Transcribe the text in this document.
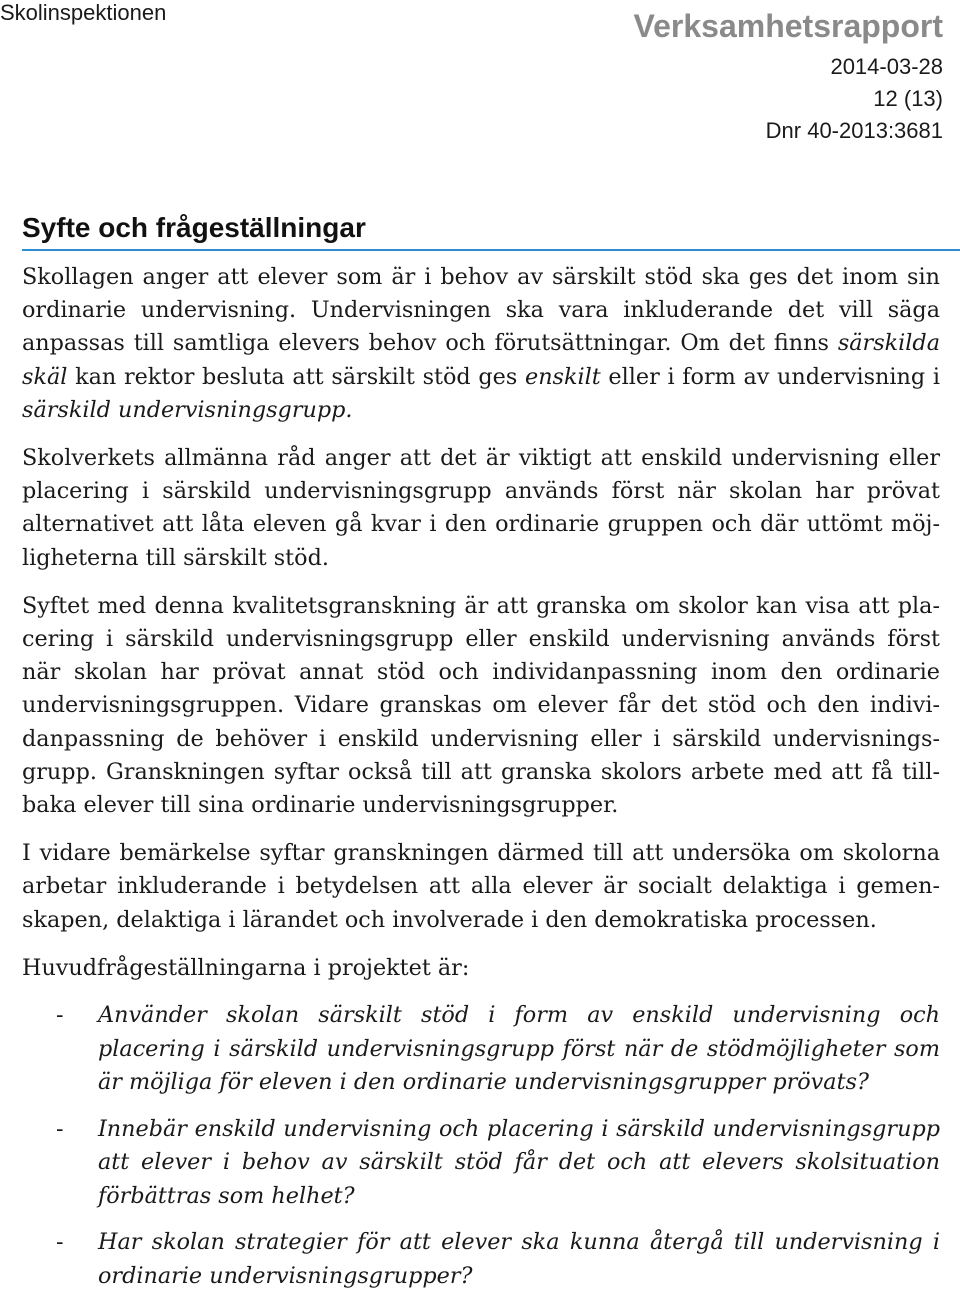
Skolinspektionen	Verksamhetsrapport
2014-03-28
12 (13)
Dnr 40-2013:3681
Syfte och frågeställningar

Skollagen anger att elever som är i behov av särskilt stöd ska ges det inom sin ordinarie undervisning. Undervisningen ska vara inkluderande det vill säga anpassas till samtliga elevers behov och förutsättningar. Om det finns särskilda skäl kan rektor besluta att särskilt stöd ges enskilt eller i form av undervisning i särskild undervisningsgrupp.

Skolverkets allmänna råd anger att det är viktigt att enskild undervisning eller placering i särskild undervisningsgrupp används först när skolan har prövat alternativet att låta eleven gå kvar i den ordinarie gruppen och där uttömt möjligheterna till särskilt stöd.

Syftet med denna kvalitetsgranskning är att granska om skolor kan visa att placering i särskild undervisningsgrupp eller enskild undervisning används först när skolan har prövat annat stöd och individanpassning inom den ordinarie undervisningsgruppen. Vidare granskas om elever får det stöd och den individanpassning de behöver i enskild undervisning eller i särskild undervisningsgrupp. Granskningen syftar också till att granska skolors arbete med att få tillbaka elever till sina ordinarie undervisningsgrupper.

I vidare bemärkelse syftar granskningen därmed till att undersöka om skolorna arbetar inkluderande i betydelsen att alla elever är socialt delaktiga i gemenskapen, delaktiga i lärandet och involverade i den demokratiska processen.

Huvudfrågeställningarna i projektet är:

-	Använder skolan särskilt stöd i form av enskild undervisning och placering i särskild undervisningsgrupp först när de stödmöjligheter som är möjliga för eleven i den ordinarie undervisningsgrupper prövats?
-	Innebär enskild undervisning och placering i särskild undervisningsgrupp att elever i behov av särskilt stöd får det och att elevers skolsituation förbättras som helhet?
-	Har skolan strategier för att elever ska kunna återgå till undervisning i ordinarie undervisningsgrupper?
